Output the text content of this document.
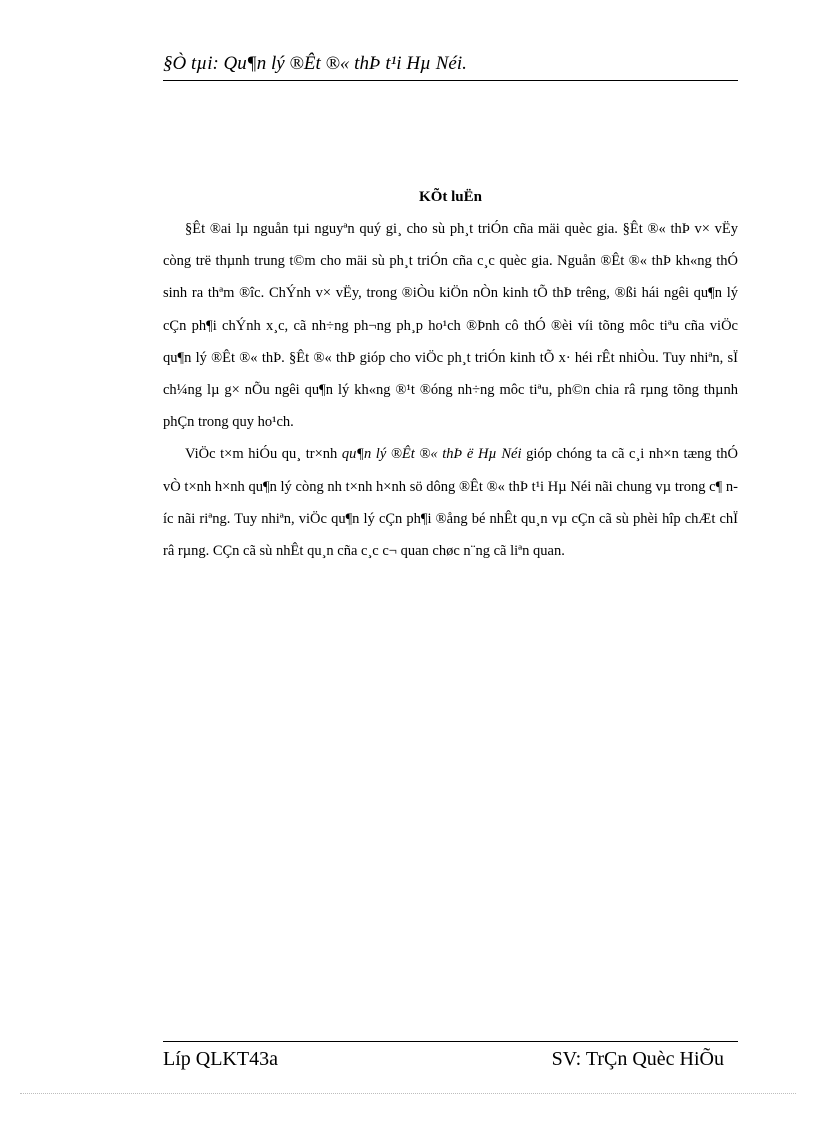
§Ò tµi: Qu¶n lý ®Êt ®« thÞ t¹i Hµ Néi.
KÕt luËn

§Êt ®ai lµ nguån tµi nguyªn quý gi¸ cho sù ph¸t triÓn cña mäi quèc gia. §Êt ®« thÞ v× vËy còng trë thµnh trung t©m cho mäi sù ph¸t triÓn cña c¸c quèc gia. Nguån ®Êt ®« thÞ kh«ng thÓ sinh ra thªm ®îc. ChÝnh v× vËy, trong ®iÒu kiÖn nÒn kinh tÕ thÞ trêng, ®ßi hái ngêi qu¶n lý cÇn ph¶i chÝnh x¸c, cã nh÷ng ph¬ng ph¸p ho¹ch ®Þnh cô thÓ ®èi víi tõng môc tiªu cña viÖc qu¶n lý ®Êt ®« thÞ. §Êt ®« thÞ gióp cho viÖc ph¸t triÓn kinh tÕ x· héi rÊt nhiÒu. Tuy nhiªn, sÏ ch¼ng lµ g× nÕu ngêi qu¶n lý kh«ng ®¹t ®óng nh÷ng môc tiªu, ph©n chia râ rµng tõng thµnh phÇn trong quy ho¹ch.

ViÖc t×m hiÓu qu¸ tr×nh qu¶n lý ®Êt ®« thÞ ë Hµ Néi gióp chóng ta cã c¸i nh×n tæng thÓ vÒ t×nh h×nh qu¶n lý còng nh t×nh h×nh sö dông ®Êt ®« thÞ t¹i Hµ Néi nãi chung vµ trong c¶ níc nãi riªng. Tuy nhiªn, viÖc qu¶n lý cÇn ph¶i ®ång bé nhÊt qu¸n vµ cÇn cã sù phèi hîp chÆt chÏ râ rµng. CÇn cã sù nhÊt qu¸n cña c¸c c¬ quan chøc n¨ng cã liªn quan.

Líp QLKT43a	SV: TrÇn Quèc HiÕu
